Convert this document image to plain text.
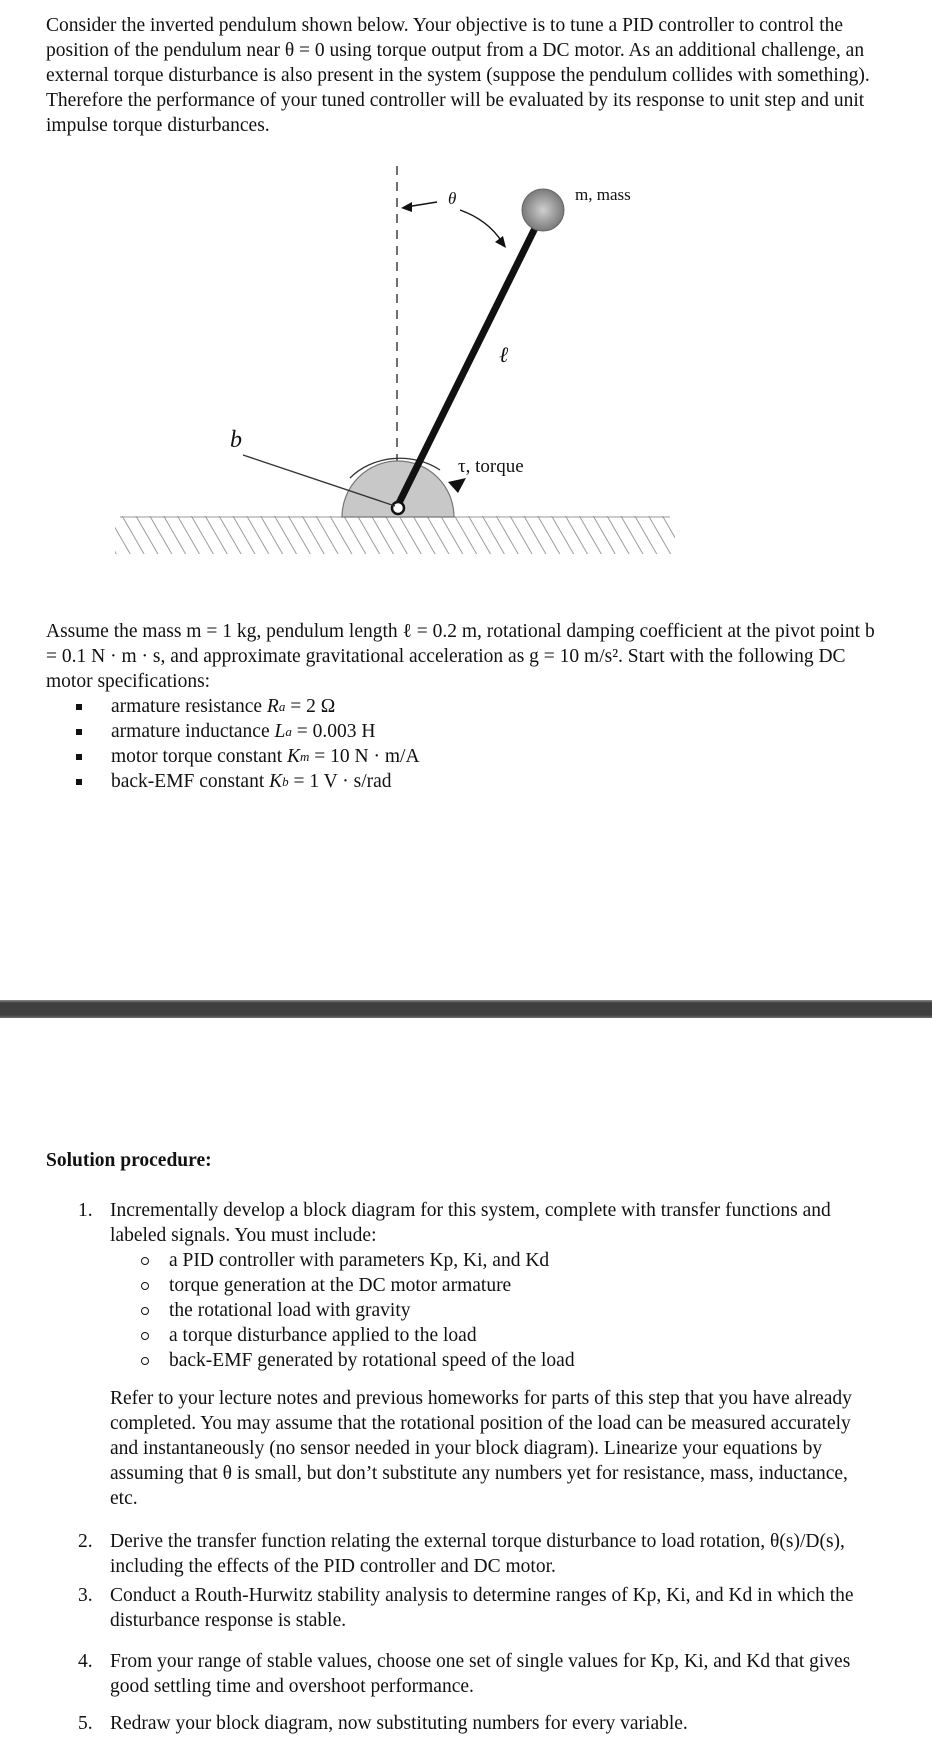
Consider the inverted pendulum shown below. Your objective is to tune a PID controller to control the position of the pendulum near θ = 0 using torque output from a DC motor. As an additional challenge, an external torque disturbance is also present in the system (suppose the pendulum collides with something). Therefore the performance of your tuned controller will be evaluated by its response to unit step and unit impulse torque disturbances.
θ	m, mass
ℓ
b
τ, torque
Assume the mass m = 1 kg, pendulum length ℓ = 0.2 m, rotational damping coefficient at the pivot point b = 0.1 N · m · s, and approximate gravitational acceleration as g = 10 m/s². Start with the following DC motor specifications:
armature resistance
R a
= 2 Ω
armature inductance
L a
= 0.003 H
motor torque constant
K m
= 10 N · m/A
back-EMF constant
K b
= 1 V · s/rad
Solution procedure:
1. Incrementally develop a block diagram for this system, complete with transfer functions and labeled signals. You must include:
a PID controller with parameters Kp, Ki, and Kd
torque generation at the DC motor armature
the rotational load with gravity
a torque disturbance applied to the load
back-EMF generated by rotational speed of the load
Refer to your lecture notes and previous homeworks for parts of this step that you have already completed. You may assume that the rotational position of the load can be measured accurately and instantaneously (no sensor needed in your block diagram). Linearize your equations by assuming that θ is small, but don’t substitute any numbers yet for resistance, mass, inductance, etc.
2. Derive the transfer function relating the external torque disturbance to load rotation, θ(s)/D(s), including the effects of the PID controller and DC motor.
3. Conduct a Routh-Hurwitz stability analysis to determine ranges of Kp, Ki, and Kd in which the disturbance response is stable.
4. From your range of stable values, choose one set of single values for Kp, Ki, and Kd that gives good settling time and overshoot performance.
5. Redraw your block diagram, now substituting numbers for every variable.
